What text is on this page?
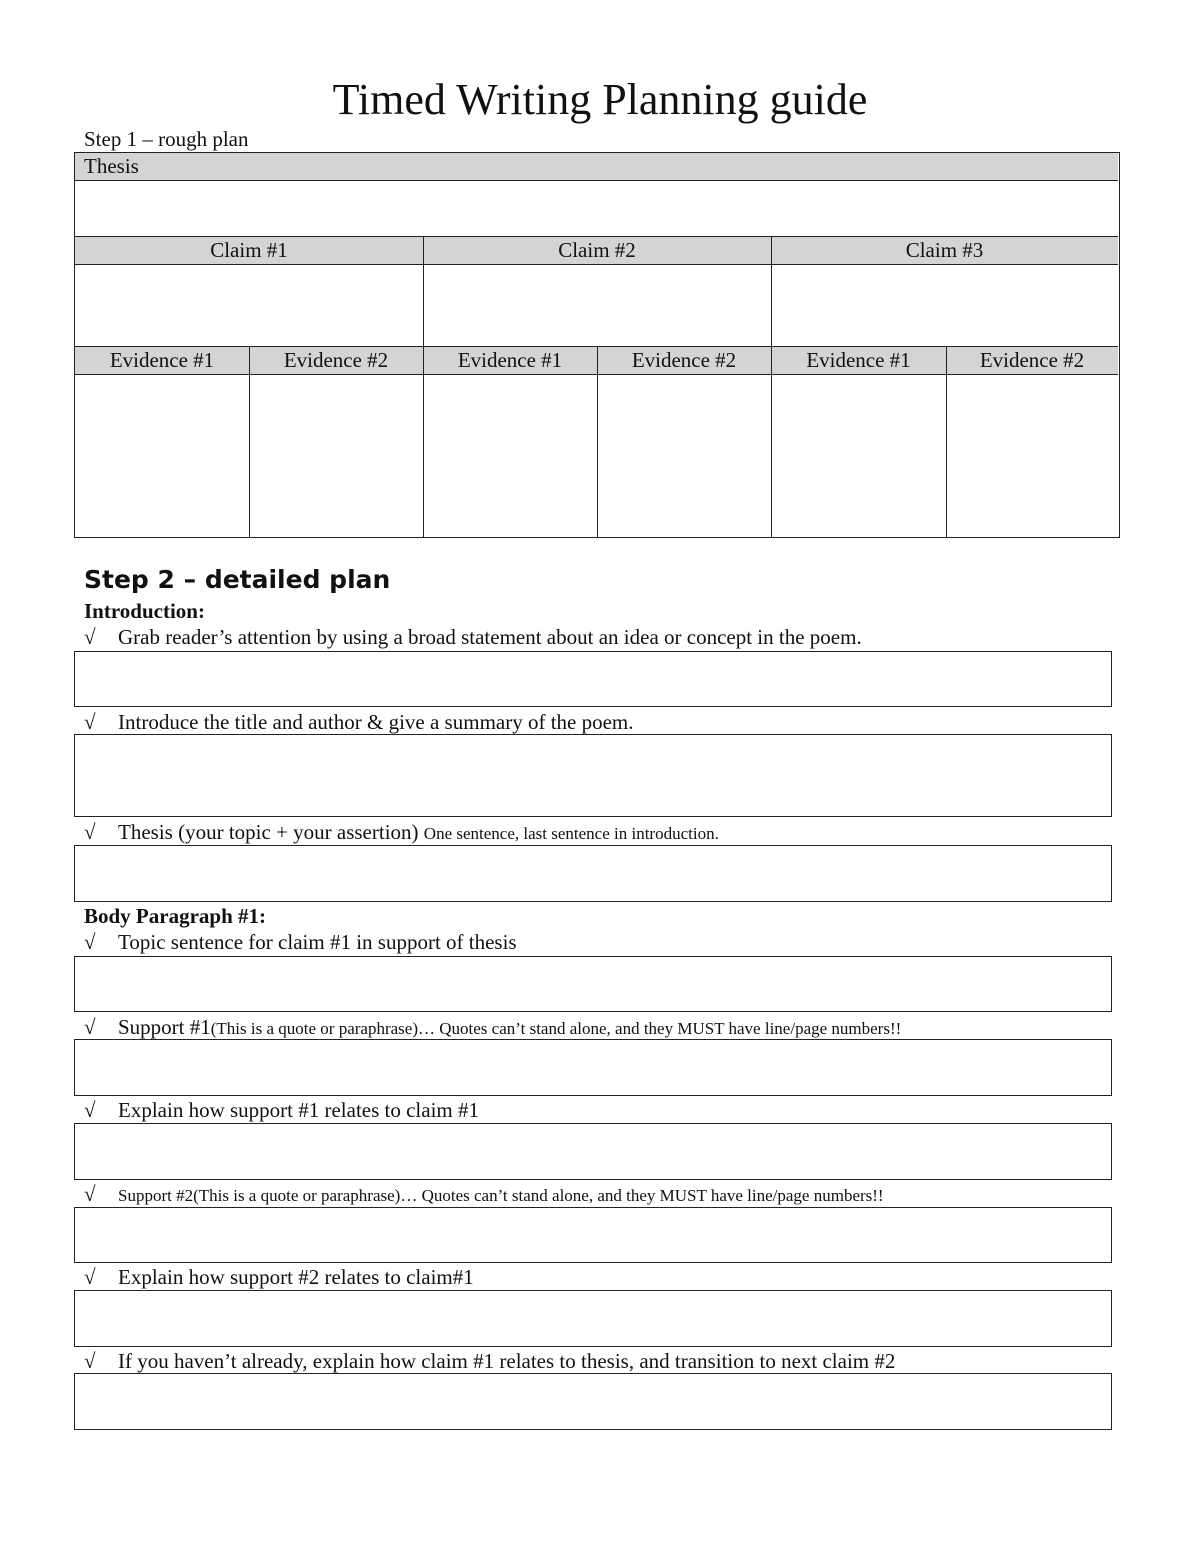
Timed Writing Planning guide
Step 1 – rough plan
Thesis
Claim #1	Claim #2	Claim #3
Evidence #1	Evidence #2	Evidence #1	Evidence #2	Evidence #1	Evidence #2
Step 2 – detailed plan
Introduction:
√ Grab reader’s attention by using a broad statement about an idea or concept in the poem.
√ Introduce the title and author & give a summary of the poem.
√ Thesis (your topic + your assertion) One sentence, last sentence in introduction.
Body Paragraph #1:
√ Topic sentence for claim #1 in support of thesis
√ Support #1(This is a quote or paraphrase)… Quotes can’t stand alone, and they MUST have line/page numbers!!
√ Explain how support #1 relates to claim #1
√ Support #2(This is a quote or paraphrase)… Quotes can’t stand alone, and they MUST have line/page numbers!!
√ Explain how support #2 relates to claim#1
√ If you haven’t already, explain how claim #1 relates to thesis, and transition to next claim #2
